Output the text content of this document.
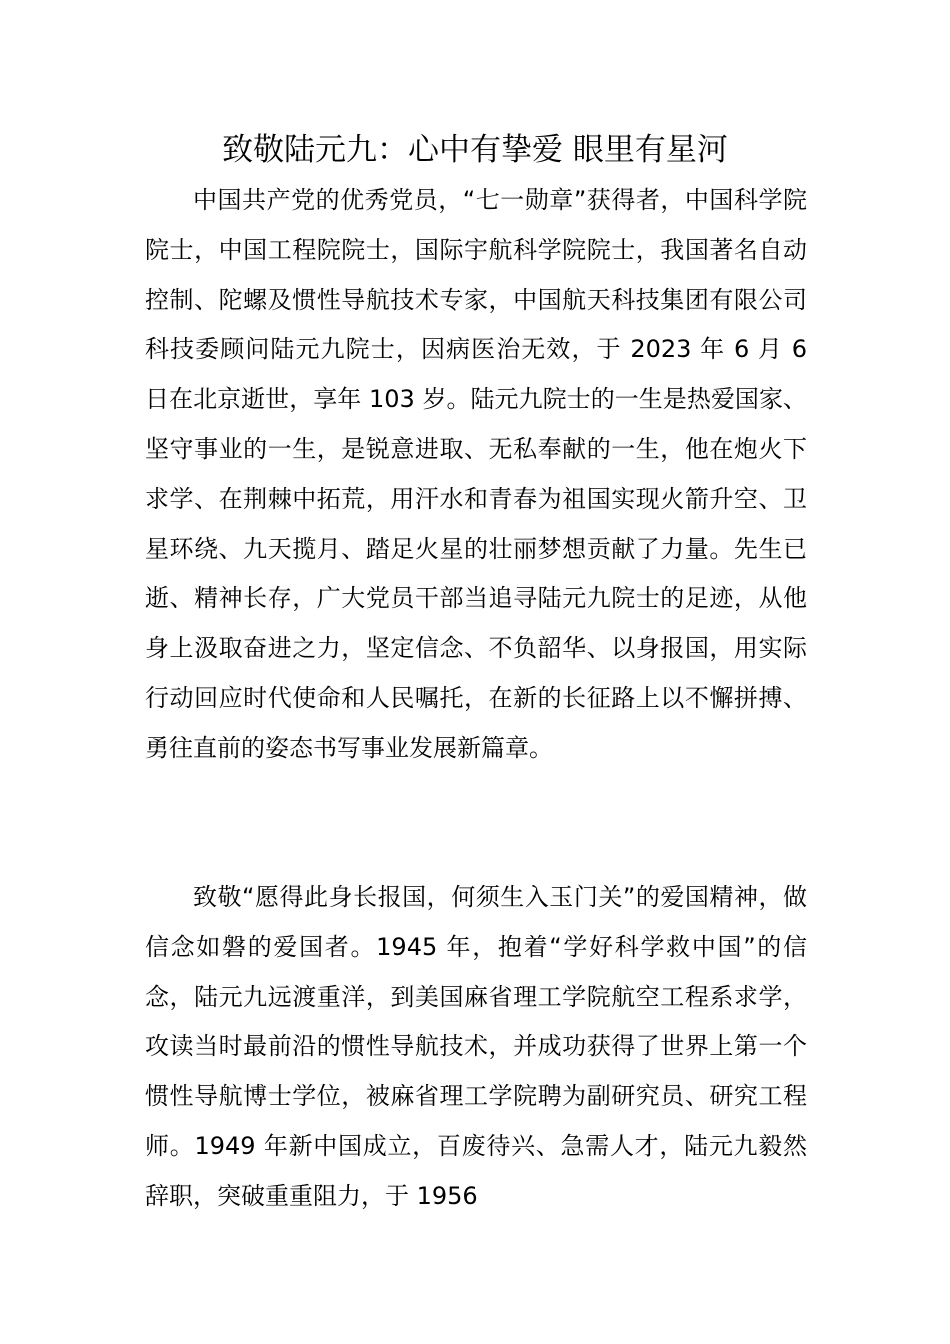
致敬陆元九：心中有挚爱 眼里有星河

中国共产党的优秀党员，“七一勋章”获得者，中国科学院院士，中国工程院院士，国际宇航科学院院士，我国著名自动控制、陀螺及惯性导航技术专家，中国航天科技集团有限公司科技委顾问陆元九院士，因病医治无效，于 2023 年 6 月 6 日在北京逝世，享年 103 岁。陆元九院士的一生是热爱国家、坚守事业的一生，是锐意进取、无私奉献的一生，他在炮火下求学、在荆棘中拓荒，用汗水和青春为祖国实现火箭升空、卫星环绕、九天揽月、踏足火星的壮丽梦想贡献了力量。先生已逝、精神长存，广大党员干部当追寻陆元九院士的足迹，从他身上汲取奋进之力，坚定信念、不负韶华、以身报国，用实际行动回应时代使命和人民嘱托，在新的长征路上以不懈拼搏、勇往直前的姿态书写事业发展新篇章。

致敬“愿得此身长报国，何须生入玉门关”的爱国精神，做信念如磐的爱国者。1945 年，抱着“学好科学救中国”的信念，陆元九远渡重洋，到美国麻省理工学院航空工程系求学，攻读当时最前沿的惯性导航技术，并成功获得了世界上第一个惯性导航博士学位，被麻省理工学院聘为副研究员、研究工程师。1949 年新中国成立，百废待兴、急需人才，陆元九毅然辞职，突破重重阻力，于 1956
